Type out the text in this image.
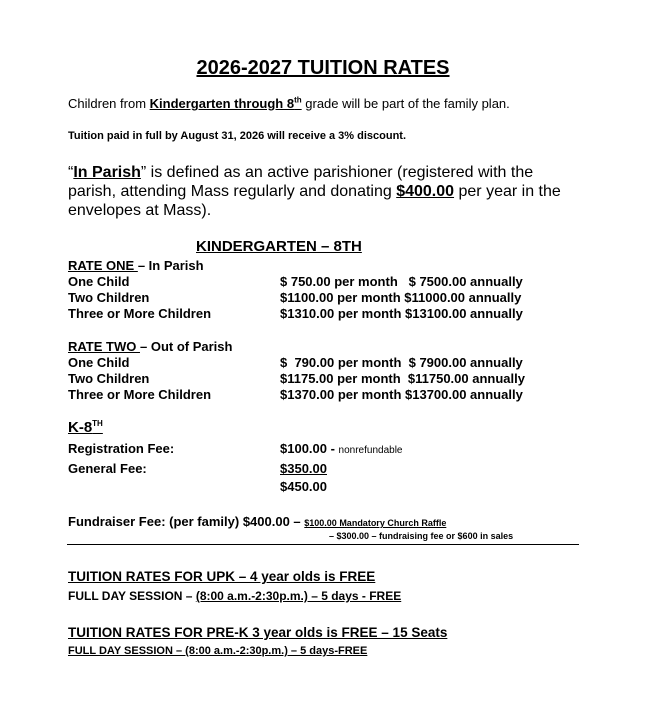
2026-2027 TUITION RATES
Children from Kindergarten through 8th grade will be part of the family plan.
Tuition paid in full by August 31, 2026 will receive a 3% discount.
“In Parish” is defined as an active parishioner (registered with the
parish, attending Mass regularly and donating $400.00 per year in the
envelopes at Mass).
KINDERGARTEN – 8TH
RATE ONE – In Parish
One Child	$ 750.00 per month   $ 7500.00 annually
Two Children	$1100.00 per month $11000.00 annually
Three or More Children	$1310.00 per month $13100.00 annually
RATE TWO – Out of Parish
One Child	$  790.00 per month  $ 7900.00 annually
Two Children	$1175.00 per month  $11750.00 annually
Three or More Children	$1370.00 per month $13700.00 annually
K-8TH
Registration Fee:	$100.00 - nonrefundable
General Fee:	$350.00
$450.00
Fundraiser Fee: (per family) $400.00 – $100.00 Mandatory Church Raffle
– $300.00 – fundraising fee or $600 in sales
TUITION RATES FOR UPK – 4 year olds is FREE
FULL DAY SESSION – (8:00 a.m.-2:30p.m.) – 5 days - FREE
TUITION RATES FOR PRE-K 3 year olds is FREE – 15 Seats
FULL DAY SESSION – (8:00 a.m.-2:30p.m.) – 5 days-FREE
